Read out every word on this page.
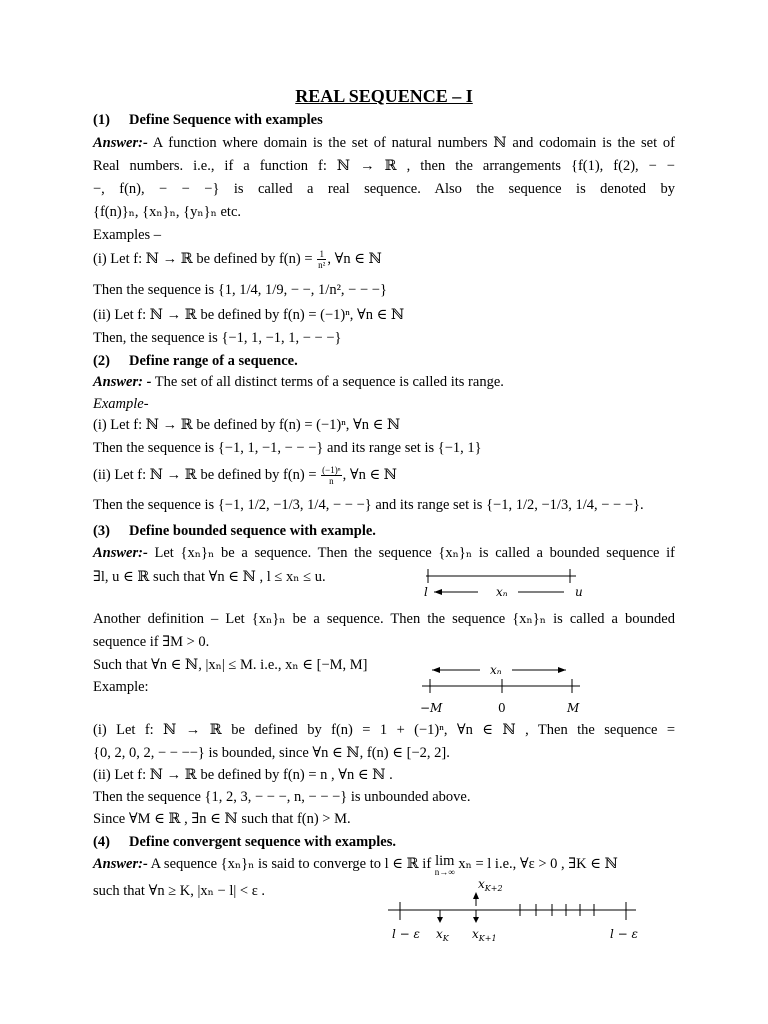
REAL SEQUENCE – I
(1) Define Sequence with examples
Answer:- A function where domain is the set of natural numbers ℕ and codomain is the set of
Real numbers. i.e., if a function f: ℕ → ℝ , then the arrangements {f(1), f(2), − −
−, f(n), − − −} is called a real sequence. Also the sequence is denoted by
{f(n)}ₙ, {xₙ}ₙ, {yₙ}ₙ etc.
Examples –
(i) Let f: ℕ → ℝ be defined by $f(n) = \frac{1}{\text{n²}}$ , ∀n ∈ ℕ
Then the sequence is {1, 1/4, 1/9, − −, 1/n², − − −}
(ii) Let f: ℕ → ℝ be defined by f(n) = (−1)ⁿ, ∀n ∈ ℕ
Then, the sequence is {−1, 1, −1, 1, − − −}
(2) Define range of a sequence.
Answer: - The set of all distinct terms of a sequence is called its range.
Example-
(i) Let f: ℕ → ℝ be defined by f(n) = (−1)ⁿ, ∀n ∈ ℕ
Then the sequence is {−1, 1, −1, − − −} and its range set is {−1, 1}
(ii) Let f: ℕ → ℝ be defined by $f(n) = \frac{\text{(−1)ⁿ}}{n}$ , ∀n ∈ ℕ
Then the sequence is {−1, 1/2, −1/3, 1/4, − − −} and its range set is {−1, 1/2, −1/3, 1/4, − − −}.
(3) Define bounded sequence with example.
Answer:- Let {xₙ}ₙ be a sequence. Then the sequence {xₙ}ₙ is called a bounded sequence if
∃l, u ∈ ℝ such that ∀n ∈ ℕ , l ≤ xₙ ≤ u.
l	xₙ	u
Another definition – Let {xₙ}ₙ be a sequence. Then the sequence {xₙ}ₙ is called a bounded
sequence if ∃M > 0.
Such that ∀n ∈ ℕ, |xₙ| ≤ M. i.e., xₙ ∈ [−M, M]
Example:
xₙ
−M	0	M
(i) Let f: ℕ → ℝ be defined by f(n) = 1 + (−1)ⁿ, ∀n ∈ ℕ , Then the sequence =
{0, 2, 0, 2, − − −−} is bounded, since ∀n ∈ ℕ, f(n) ∈ [−2, 2].
(ii) Let f: ℕ → ℝ be defined by f(n) = n , ∀n ∈ ℕ .
Then the sequence {1, 2, 3, − − −, n, − − −} is unbounded above.
Since ∀M ∈ ℝ , ∃n ∈ ℕ such that f(n) > M.
(4) Define convergent sequence with examples.
Answer:- A sequence {xₙ}ₙ is said to converge to l ∈ ℝ if lim
n→∞ xₙ = l i.e., ∀ε > 0 , ∃K ∈ ℕ
such that ∀n ≥ K, |xₙ − l| < ε .	$x_{K+2}$
l − ε $x_K$ $x_{K+1}$	l − ε
